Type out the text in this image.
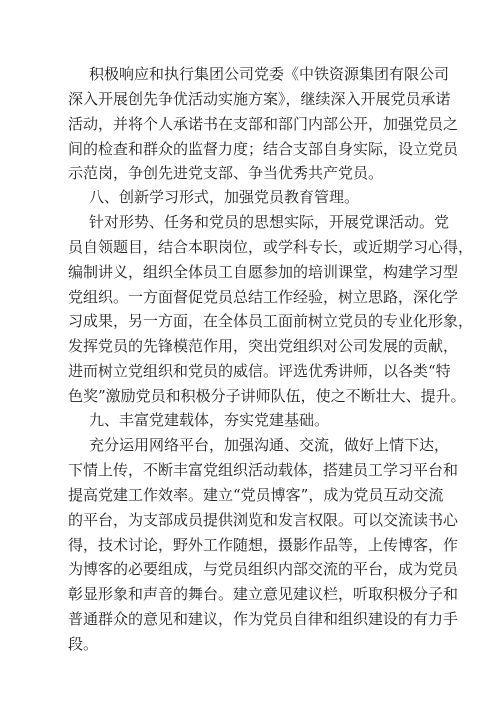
积极响应和执行集团公司党委《中铁资源集团有限公司
深入开展创先争优活动实施方案》，继续深入开展党员承诺
活动，并将个人承诺书在支部和部门内部公开，加强党员之
间的检查和群众的监督力度；结合支部自身实际，设立党员
示范岗，争创先进党支部、争当优秀共产党员。
八、创新学习形式，加强党员教育管理。
针对形势、任务和党员的思想实际，开展党课活动。党
员自领题目，结合本职岗位，或学科专长，或近期学习心得，
编制讲义，组织全体员工自愿参加的培训课堂，构建学习型
党组织。一方面督促党员总结工作经验，树立思路，深化学
习成果，另一方面，在全体员工面前树立党员的专业化形象，
发挥党员的先锋模范作用，突出党组织对公司发展的贡献，
进而树立党组织和党员的威信。评选优秀讲师，以各类“特
色奖”激励党员和积极分子讲师队伍，使之不断壮大、提升。
九、丰富党建载体，夯实党建基础。
充分运用网络平台，加强沟通、交流，做好上情下达，
下情上传，不断丰富党组织活动载体，搭建员工学习平台和
提高党建工作效率。建立“党员博客”，成为党员互动交流
的平台，为支部成员提供浏览和发言权限。可以交流读书心
得，技术讨论，野外工作随想，摄影作品等，上传博客，作
为博客的必要组成，与党员组织内部交流的平台，成为党员
彰显形象和声音的舞台。建立意见建议栏，听取积极分子和
普通群众的意见和建议，作为党员自律和组织建设的有力手
段。
